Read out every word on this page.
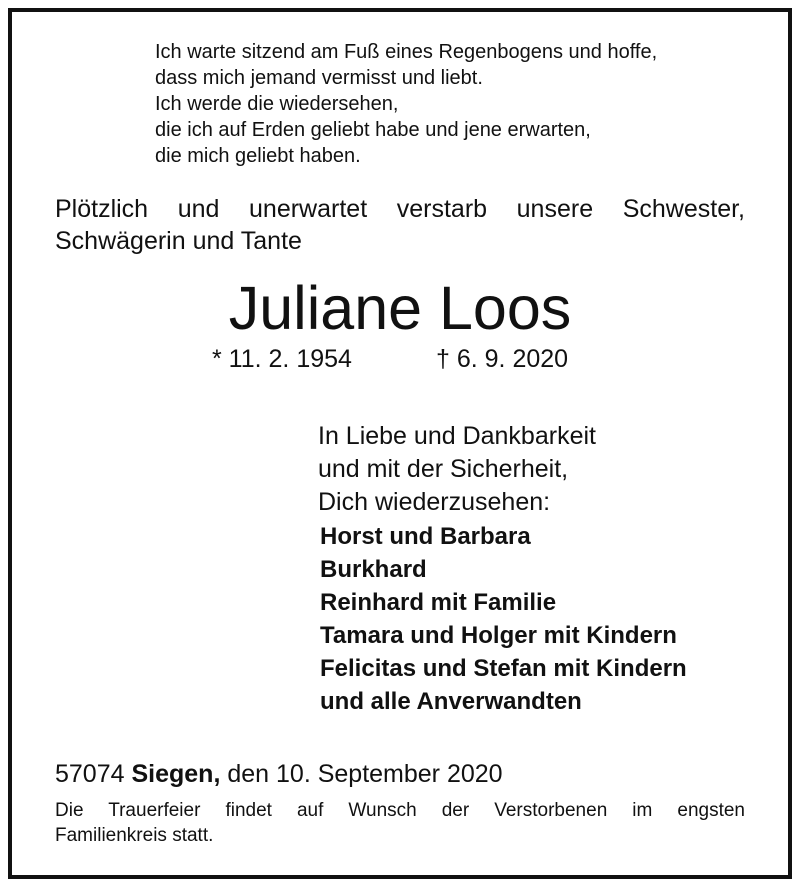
Ich warte sitzend am Fuß eines Regenbogens und hoffe,
dass mich jemand vermisst und liebt.
Ich werde die wiedersehen,
die ich auf Erden geliebt habe und jene erwarten,
die mich geliebt haben.
Plötzlich und unerwartet verstarb unsere Schwester,
Schwägerin und Tante
Juliane Loos
* 11. 2. 1954	† 6. 9. 2020
In Liebe und Dankbarkeit
und mit der Sicherheit,
Dich wiederzusehen:
Horst und Barbara
Burkhard
Reinhard mit Familie
Tamara und Holger mit Kindern
Felicitas und Stefan mit Kindern
und alle Anverwandten
57074 Siegen, den 10. September 2020
Die Trauerfeier findet auf Wunsch der Verstorbenen im engsten
Familienkreis statt.
